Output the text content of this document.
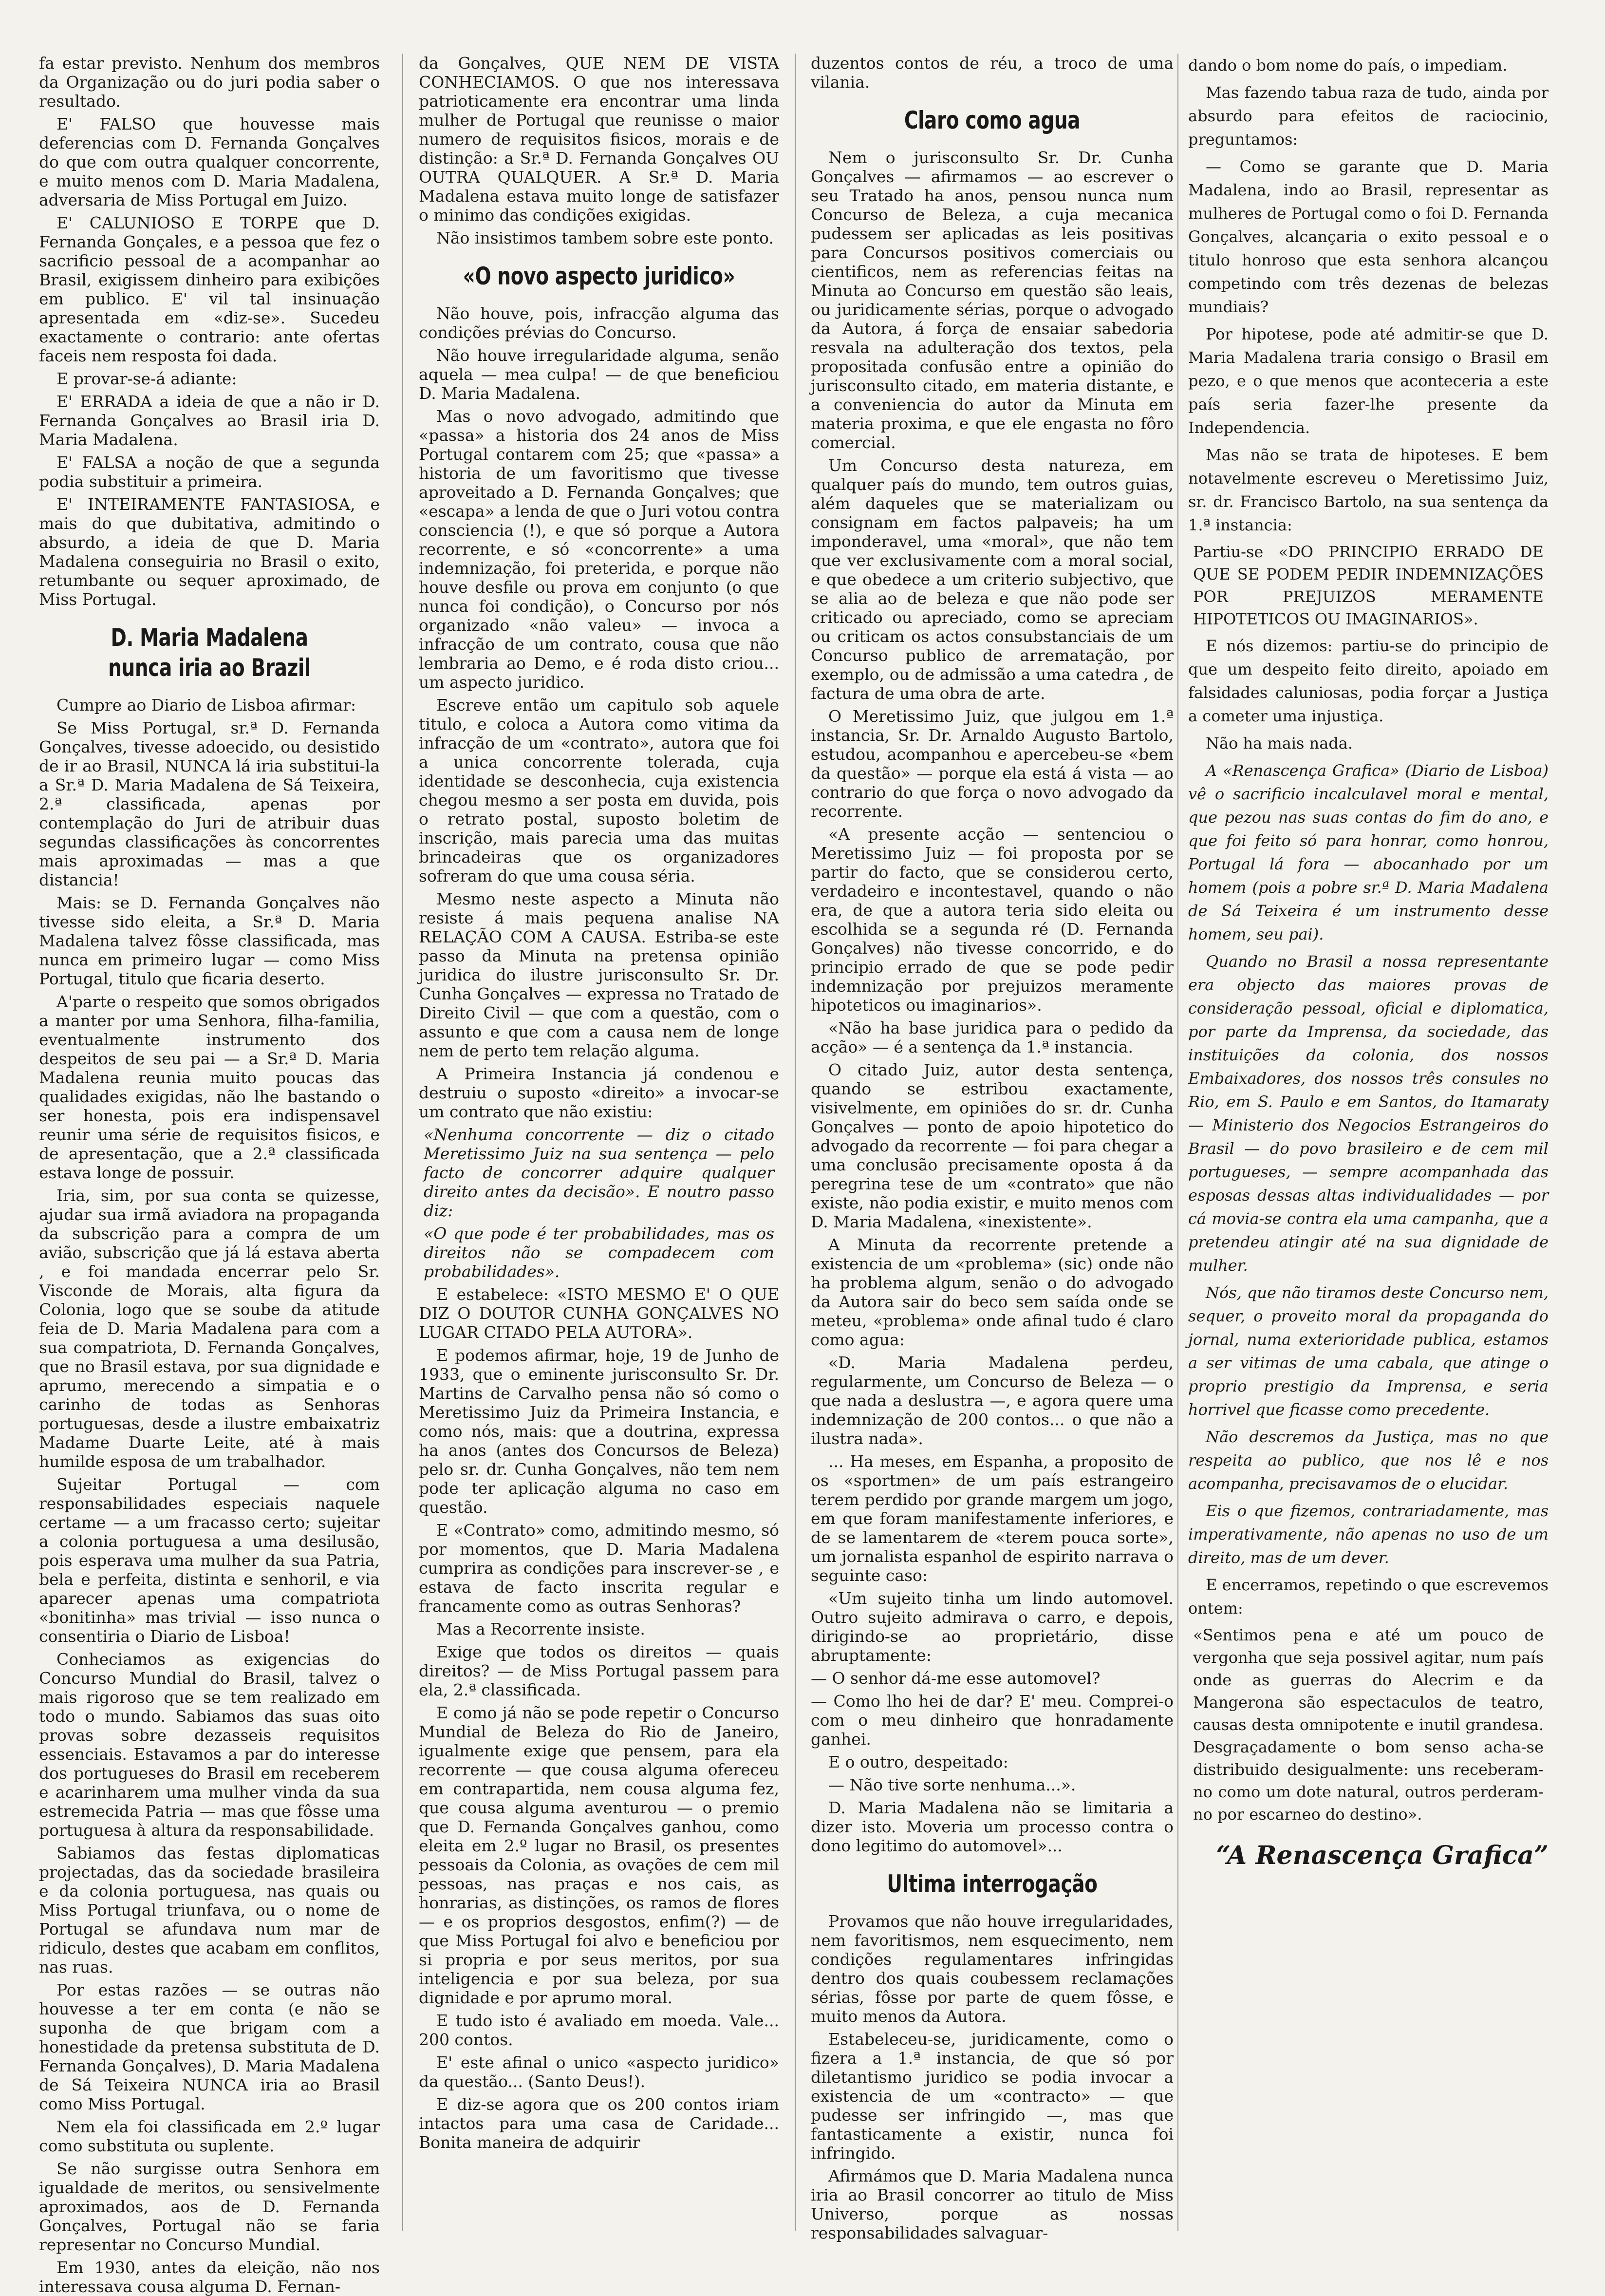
fa estar previsto. Nenhum dos membros da Organização ou do juri podia saber o resultado.

E' FALSO que houvesse mais deferencias com D. Fernanda Gonçalves do que com outra qualquer concorrente, e muito menos com D. Maria Madalena, adversaria de Miss Portugal em Juizo.

E' CALUNIOSO E TORPE que D. Fernanda Gonçales, e a pessoa que fez o sacrificio pessoal de a acompanhar ao Brasil, exigissem dinheiro para exibições em publico. E' vil tal insinuação apresentada em «diz-se». Sucedeu exactamente o contrario: ante ofertas faceis nem resposta foi dada.

E provar-se-á adiante:

E' ERRADA a ideia de que a não ir D. Fernanda Gonçalves ao Brasil iria D. Maria Madalena.

E' FALSA a noção de que a segunda podia substituir a primeira.

E' INTEIRAMENTE FANTASIOSA, e mais do que dubitativa, admitindo o absurdo, a ideia de que D. Maria Madalena conseguiria no Brasil o exito, retumbante ou sequer aproximado, de Miss Portugal.

D. Maria Madalena nunca iria ao Brazil

Cumpre ao Diario de Lisboa afirmar:

Se Miss Portugal, sr.ª D. Fernanda Gonçalves, tivesse adoecido, ou desistido de ir ao Brasil, NUNCA lá iria substitui-la a Sr.ª D. Maria Madalena de Sá Teixeira, 2.ª classificada, apenas por contemplação do Juri de atribuir duas segundas classificações às concorrentes mais aproximadas — mas a que distancia!

Mais: se D. Fernanda Gonçalves não tivesse sido eleita, a Sr.ª D. Maria Madalena talvez fôsse classificada, mas nunca em primeiro lugar — como Miss Portugal, titulo que ficaria deserto.

A'parte o respeito que somos obrigados a manter por uma Senhora, filha-familia, eventualmente instrumento dos despeitos de seu pai — a Sr.ª D. Maria Madalena reunia muito poucas das qualidades exigidas, não lhe bastando o ser honesta, pois era indispensavel reunir uma série de requisitos fisicos, e de apresentação, que a 2.ª classificada estava longe de possuir.

Iria, sim, por sua conta se quizesse, ajudar sua irmã aviadora na propaganda da subscrição para a compra de um avião, subscrição que já lá estava aberta , e foi mandada encerrar pelo Sr. Visconde de Morais, alta figura da Colonia, logo que se soube da atitude feia de D. Maria Madalena para com a sua compatriota, D. Fernanda Gonçalves, que no Brasil estava, por sua dignidade e aprumo, merecendo a simpatia e o carinho de todas as Senhoras portuguesas, desde a ilustre embaixatriz Madame Duarte Leite, até à mais humilde esposa de um trabalhador.

Sujeitar Portugal — com responsabilidades especiais naquele certame — a um fracasso certo; sujeitar a colonia portuguesa a uma desilusão, pois esperava uma mulher da sua Patria, bela e perfeita, distinta e senhoril, e via aparecer apenas uma compatriota «bonitinha» mas trivial — isso nunca o consentiria o Diario de Lisboa!

Conheciamos as exigencias do Concurso Mundial do Brasil, talvez o mais rigoroso que se tem realizado em todo o mundo. Sabiamos das suas oito provas sobre dezasseis requisitos essenciais. Estavamos a par do interesse dos portugueses do Brasil em receberem e acarinharem uma mulher vinda da sua estremecida Patria — mas que fôsse uma portuguesa à altura da responsabilidade.

Sabiamos das festas diplomaticas projectadas, das da sociedade brasileira e da colonia portuguesa, nas quais ou Miss Portugal triunfava, ou o nome de Portugal se afundava num mar de ridiculo, destes que acabam em conflitos, nas ruas.

Por estas razões — se outras não houvesse a ter em conta (e não se suponha de que brigam com a honestidade da pretensa substituta de D. Fernanda Gonçalves), D. Maria Madalena de Sá Teixeira NUNCA iria ao Brasil como Miss Portugal.

Nem ela foi classificada em 2.º lugar como substituta ou suplente.

Se não surgisse outra Senhora em igualdade de meritos, ou sensivelmente aproximados, aos de D. Fernanda Gonçalves, Portugal não se faria representar no Concurso Mundial.

Em 1930, antes da eleição, não nos interessava cousa alguma D. Fernan-

da Gonçalves, QUE NEM DE VISTA CONHECIAMOS. O que nos interessava patrioticamente era encontrar uma linda mulher de Portugal que reunisse o maior numero de requisitos fisicos, morais e de distinção: a Sr.ª D. Fernanda Gonçalves OU OUTRA QUALQUER. A Sr.ª D. Maria Madalena estava muito longe de satisfazer o minimo das condições exigidas.

Não insistimos tambem sobre este ponto.

«O novo aspecto juridico»

Não houve, pois, infracção alguma das condições prévias do Concurso.

Não houve irregularidade alguma, senão aquela — mea culpa! — de que beneficiou D. Maria Madalena.

Mas o novo advogado, admitindo que «passa» a historia dos 24 anos de Miss Portugal contarem com 25; que «passa» a historia de um favoritismo que tivesse aproveitado a D. Fernanda Gonçalves; que «escapa» a lenda de que o Juri votou contra consciencia (!), e que só porque a Autora recorrente, e só «concorrente» a uma indemnização, foi preterida, e porque não houve desfile ou prova em conjunto (o que nunca foi condição), o Concurso por nós organizado «não valeu» — invoca a infracção de um contrato, cousa que não lembraria ao Demo, e é roda disto criou... um aspecto juridico.

Escreve então um capitulo sob aquele titulo, e coloca a Autora como vitima da infracção de um «contrato», autora que foi a unica concorrente tolerada, cuja identidade se desconhecia, cuja existencia chegou mesmo a ser posta em duvida, pois o retrato postal, suposto boletim de inscrição, mais parecia uma das muitas brincadeiras que os organizadores sofreram do que uma cousa séria.

Mesmo neste aspecto a Minuta não resiste á mais pequena analise NA RELAÇÃO COM A CAUSA. Estriba-se este passo da Minuta na pretensa opinião juridica do ilustre jurisconsulto Sr. Dr. Cunha Gonçalves — expressa no Tratado de Direito Civil — que com a questão, com o assunto e que com a causa nem de longe nem de perto tem relação alguma.

A Primeira Instancia já condenou e destruiu o suposto «direito» a invocar-se um contrato que não existiu:

«Nenhuma concorrente — diz o citado Meretissimo Juiz na sua sentença — pelo facto de concorrer adquire qualquer direito antes da decisão». E noutro passo diz:

«O que pode é ter probabilidades, mas os direitos não se compadecem com probabilidades».

E estabelece: «ISTO MESMO E' O QUE DIZ O DOUTOR CUNHA GONÇALVES NO LUGAR CITADO PELA AUTORA».

E podemos afirmar, hoje, 19 de Junho de 1933, que o eminente jurisconsulto Sr. Dr. Martins de Carvalho pensa não só como o Meretissimo Juiz da Primeira Instancia, e como nós, mais: que a doutrina, expressa ha anos (antes dos Concursos de Beleza) pelo sr. dr. Cunha Gonçalves, não tem nem pode ter aplicação alguma no caso em questão.

E «Contrato» como, admitindo mesmo, só por momentos, que D. Maria Madalena cumprira as condições para inscrever-se , e estava de facto inscrita regular e francamente como as outras Senhoras?

Mas a Recorrente insiste.

Exige que todos os direitos — quais direitos? — de Miss Portugal passem para ela, 2.ª classificada.

E como já não se pode repetir o Concurso Mundial de Beleza do Rio de Janeiro, igualmente exige que pensem, para ela recorrente — que cousa alguma ofereceu em contrapartida, nem cousa alguma fez, que cousa alguma aventurou — o premio que D. Fernanda Gonçalves ganhou, como eleita em 2.º lugar no Brasil, os presentes pessoais da Colonia, as ovações de cem mil pessoas, nas praças e nos cais, as honrarias, as distinções, os ramos de flores — e os proprios desgostos, enfim(?) — de que Miss Portugal foi alvo e beneficiou por si propria e por seus meritos, por sua inteligencia e por sua beleza, por sua dignidade e por aprumo moral.

E tudo isto é avaliado em moeda. Vale... 200 contos.

E' este afinal o unico «aspecto juridico» da questão... (Santo Deus!).

E diz-se agora que os 200 contos iriam intactos para uma casa de Caridade... Bonita maneira de adquirir

duzentos contos de réu, a troco de uma vilania.

Claro como agua

Nem o jurisconsulto Sr. Dr. Cunha Gonçalves — afirmamos — ao escrever o seu Tratado ha anos, pensou nunca num Concurso de Beleza, a cuja mecanica pudessem ser aplicadas as leis positivas para Concursos positivos comerciais ou cientificos, nem as referencias feitas na Minuta ao Concurso em questão são leais, ou juridicamente sérias, porque o advogado da Autora, á força de ensaiar sabedoria resvala na adulteração dos textos, pela propositada confusão entre a opinião do jurisconsulto citado, em materia distante, e a conveniencia do autor da Minuta em materia proxima, e que ele engasta no fôro comercial.

Um Concurso desta natureza, em qualquer país do mundo, tem outros guias, além daqueles que se materializam ou consignam em factos palpaveis; ha um imponderavel, uma «moral», que não tem que ver exclusivamente com a moral social, e que obedece a um criterio subjectivo, que se alia ao de beleza e que não pode ser criticado ou apreciado, como se apreciam ou criticam os actos consubstanciais de um Concurso publico de arrematação, por exemplo, ou de admissão a uma catedra , de factura de uma obra de arte.

O Meretissimo Juiz, que julgou em 1.ª instancia, Sr. Dr. Arnaldo Augusto Bartolo, estudou, acompanhou e apercebeu-se «bem da questão» — porque ela está á vista — ao contrario do que força o novo advogado da recorrente.

«A presente acção — sentenciou o Meretissimo Juiz — foi proposta por se partir do facto, que se considerou certo, verdadeiro e incontestavel, quando o não era, de que a autora teria sido eleita ou escolhida se a segunda ré (D. Fernanda Gonçalves) não tivesse concorrido, e do principio errado de que se pode pedir indemnização por prejuizos meramente hipoteticos ou imaginarios».

«Não ha base juridica para o pedido da acção» — é a sentença da 1.ª instancia.

O citado Juiz, autor desta sentença, quando se estribou exactamente, visivelmente, em opiniões do sr. dr. Cunha Gonçalves — ponto de apoio hipotetico do advogado da recorrente — foi para chegar a uma conclusão precisamente oposta á da peregrina tese de um «contrato» que não existe, não podia existir, e muito menos com D. Maria Madalena, «inexistente».

A Minuta da recorrente pretende a existencia de um «problema» (sic) onde não ha problema algum, senão o do advogado da Autora sair do beco sem saída onde se meteu, «problema» onde afinal tudo é claro como agua:

«D. Maria Madalena perdeu, regularmente, um Concurso de Beleza — o que nada a deslustra —, e agora quere uma indemnização de 200 contos... o que não a ilustra nada».

... Ha meses, em Espanha, a proposito de os «sportmen» de um país estrangeiro terem perdido por grande margem um jogo, em que foram manifestamente inferiores, e de se lamentarem de «terem pouca sorte», um jornalista espanhol de espirito narrava o seguinte caso:

«Um sujeito tinha um lindo automovel. Outro sujeito admirava o carro, e depois, dirigindo-se ao proprietário, disse abruptamente:

— O senhor dá-me esse automovel?

— Como lho hei de dar? E' meu. Comprei-o com o meu dinheiro que honradamente ganhei.

E o outro, despeitado:

— Não tive sorte nenhuma...».

D. Maria Madalena não se limitaria a dizer isto. Moveria um processo contra o dono legitimo do automovel»...

Ultima interrogação

Provamos que não houve irregularidades, nem favoritismos, nem esquecimento, nem condições regulamentares infringidas dentro dos quais coubessem reclamações sérias, fôsse por parte de quem fôsse, e muito menos da Autora.

Estabeleceu-se, juridicamente, como o fizera a 1.ª instancia, de que só por diletantismo juridico se podia invocar a existencia de um «contracto» — que pudesse ser infringido —, mas que fantasticamente a existir, nunca foi infringido.

Afirmámos que D. Maria Madalena nunca iria ao Brasil concorrer ao titulo de Miss Universo, porque as nossas responsabilidades salvaguar-

dando o bom nome do país, o impediam.

Mas fazendo tabua raza de tudo, ainda por absurdo para efeitos de raciocinio, preguntamos:

— Como se garante que D. Maria Madalena, indo ao Brasil, representar as mulheres de Portugal como o foi D. Fernanda Gonçalves, alcançaria o exito pessoal e o titulo honroso que esta senhora alcançou competindo com três dezenas de belezas mundiais?

Por hipotese, pode até admitir-se que D. Maria Madalena traria consigo o Brasil em pezo, e o que menos que aconteceria a este país seria fazer-lhe presente da Independencia.

Mas não se trata de hipoteses. E bem notavelmente escreveu o Meretissimo Juiz, sr. dr. Francisco Bartolo, na sua sentença da 1.ª instancia:

Partiu-se «DO PRINCIPIO ERRADO DE QUE SE PODEM PEDIR INDEMNIZAÇÕES POR PREJUIZOS MERAMENTE HIPOTETICOS OU IMAGINARIOS».

E nós dizemos: partiu-se do principio de que um despeito feito direito, apoiado em falsidades caluniosas, podia forçar a Justiça a cometer uma injustiça.

Não ha mais nada.

A «Renascença Grafica» (Diario de Lisboa) vê o sacrificio incalculavel moral e mental, que pezou nas suas contas do fim do ano, e que foi feito só para honrar, como honrou, Portugal lá fora — abocanhado por um homem (pois a pobre sr.ª D. Maria Madalena de Sá Teixeira é um instrumento desse homem, seu pai).

Quando no Brasil a nossa representante era objecto das maiores provas de consideração pessoal, oficial e diplomatica, por parte da Imprensa, da sociedade, das instituições da colonia, dos nossos Embaixadores, dos nossos três consules no Rio, em S. Paulo e em Santos, do Itamaraty — Ministerio dos Negocios Estrangeiros do Brasil — do povo brasileiro e de cem mil portugueses, — sempre acompanhada das esposas dessas altas individualidades — por cá movia-se contra ela uma campanha, que a pretendeu atingir até na sua dignidade de mulher.

Nós, que não tiramos deste Concurso nem, sequer, o proveito moral da propaganda do jornal, numa exterioridade publica, estamos a ser vitimas de uma cabala, que atinge o proprio prestigio da Imprensa, e seria horrivel que ficasse como precedente.

Não descremos da Justiça, mas no que respeita ao publico, que nos lê e nos acompanha, precisavamos de o elucidar.

Eis o que fizemos, contrariadamente, mas imperativamente, não apenas no uso de um direito, mas de um dever.

E encerramos, repetindo o que escrevemos ontem:

«Sentimos pena e até um pouco de vergonha que seja possivel agitar, num país onde as guerras do Alecrim e da Mangerona são espectaculos de teatro, causas desta omnipotente e inutil grandesa. Desgraçadamente o bom senso acha-se distribuido desigualmente: uns receberam-no como um dote natural, outros perderam-no por escarneo do destino».

“A Renascença Grafica”
